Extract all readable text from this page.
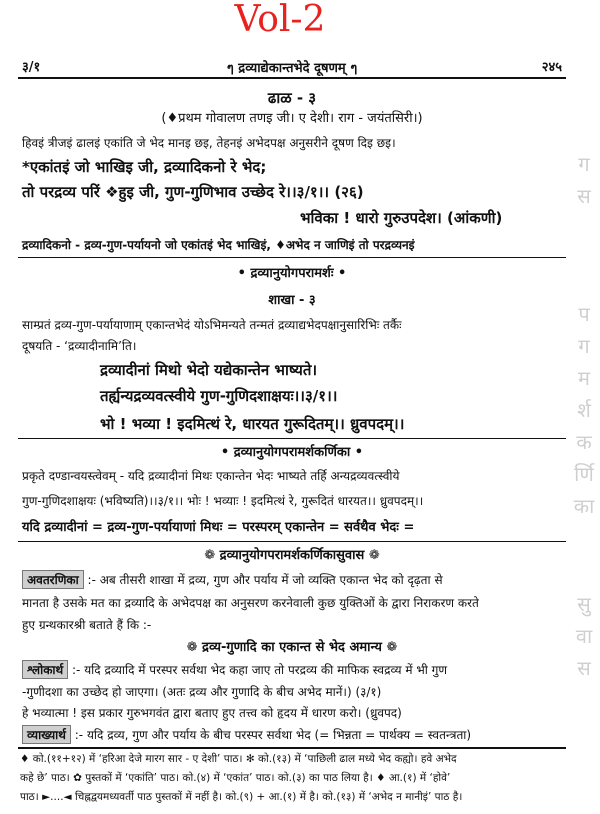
Vol-2
३/१	ๆ द्रव्याद्येकान्तभेदे दूषणम् ๆ	२४५
ढाळ - ३
(♦प्रथम गोवालण तणइ जी। ए देशी। राग - जयंतसिरी।)
हिवइं त्रीजइं ढालइं एकांति जे भेद मानइ छइ, तेहनइं अभेदपक्ष अनुसरीने दूषण दिइ छइ।
*एकांतइं जो भाखिइ जी, द्रव्यादिकनो रे भेद;
तो परद्रव्य परिं ❖हुइ जी, गुण-गुणिभाव उच्छेद रे।।३/१।। (२६)
भविका ! धारो गुरुउपदेश। (आंकणी)
द्रव्यादिकनो - द्रव्य-गुण-पर्यायनो जो एकांतइं भेद भाखिइं, ♦अभेद न जाणिइं तो परद्रव्यनइं
• द्रव्यानुयोगपरामर्शः •
शाखा - ३
साम्प्रतं द्रव्य-गुण-पर्यायाणाम् एकान्तभेदं योऽभिमन्यते तन्मतं द्रव्याद्यभेदपक्षानुसारिभिः तर्कैः
दूषयति - ‘द्रव्यादीनामि’ति।
द्रव्यादीनां मिथो भेदो यद्येकान्तेन भाष्यते।
तर्ह्यन्यद्रव्यवत्स्वीये गुण-गुणिदशाक्षयः।।३/१।।
भो ! भव्या ! इदमित्थं रे, धारयत गुरूदितम्।। ध्रुवपदम्।।
• द्रव्यानुयोगपरामर्शकर्णिका •
प्रकृते दण्डान्वयस्त्वेवम् - यदि द्रव्यादीनां मिथः एकान्तेन भेदः भाष्यते तर्हि अन्यद्रव्यवत्स्वीये
गुण-गुणिदशाक्षयः (भविष्यति)।।३/१।। भोः ! भव्याः ! इदमित्थं रे, गुरूदितं धारयत।। ध्रुवपदम्।।
यदि द्रव्यादीनां = द्रव्य-गुण-पर्यायाणां मिथः = परस्परम् एकान्तेन = सर्वथैव भेदः =
❁ द्रव्यानुयोगपरामर्शकर्णिकासुवास ❁
अवतरणिका :- अब तीसरी शाखा में द्रव्य, गुण और पर्याय में जो व्यक्ति एकान्त भेद को दृढ़ता से
मानता है उसके मत का द्रव्यादि के अभेदपक्ष का अनुसरण करनेवाली कुछ युक्तिओं के द्वारा निराकरण करते
हुए ग्रन्थकारश्री बताते हैं कि :-
❁ द्रव्य-गुणादि का एकान्त से भेद अमान्य ❁
श्लोकार्थ :- यदि द्रव्यादि में परस्पर सर्वथा भेद कहा जाए तो परद्रव्य की माफिक स्वद्रव्य में भी गुण
-गुणीदशा का उच्छेद हो जाएगा। (अतः द्रव्य और गुणादि के बीच अभेद मानें।) (३/१)
हे भव्यात्मा ! इस प्रकार गुरुभगवंत द्वारा बताए हुए तत्त्व को हृदय में धारण करो। (ध्रुवपद)
व्याख्यार्थ :- यदि द्रव्य, गुण और पर्याय के बीच परस्पर सर्वथा भेद (= भिन्नता = पार्थक्य = स्वतन्त्रता)
♦ को.(११+१२) में ‘हरिआ देजे मारग सार - ए देशी’ पाठ। ✻ को.(१३) में ‘पाछिली ढाल मध्ये भेद कह्यो। हवे अभेद
कहे छे’ पाठ। ✿ पुस्तकों में ‘एकांति’ पाठ। को.(४) में ‘एकांत’ पाठ। को.(३) का पाठ लिया है। ♦ आ.(१) में ‘होवे’
पाठ। ►....◄ चिह्नद्वयमध्यवर्ती पाठ पुस्तकों में नहीं है। को.(९) + आ.(१) में है। को.(१३) में ‘अभेद न मानीइं’ पाठ है।
ग
स
प
ग
म
र्श
क
र्णि
का
सु
वा
स
